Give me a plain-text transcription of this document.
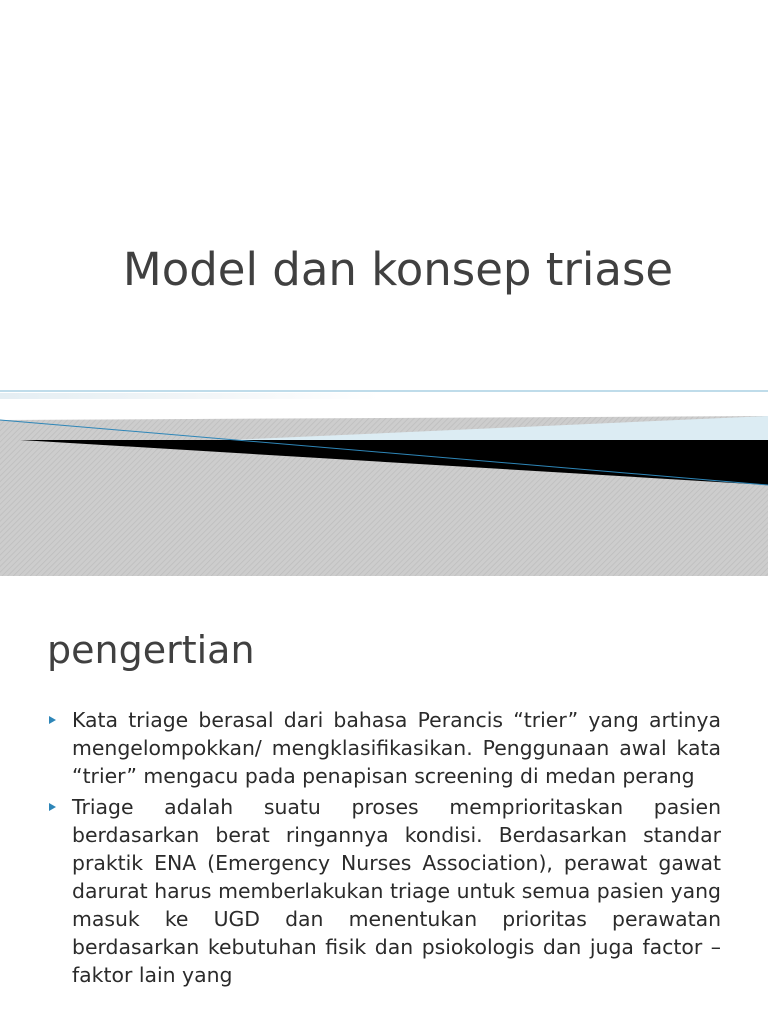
Model dan konsep triase
pengertian
Kata triage berasal dari bahasa Perancis “trier” yang artinya mengelompokkan/ mengklasifikasikan. Penggunaan awal kata “trier” mengacu pada penapisan screening di medan perang
Triage adalah suatu proses memprioritaskan pasien berdasarkan berat ringannya kondisi. Berdasarkan standar praktik ENA (Emergency Nurses Association), perawat gawat darurat harus memberlakukan triage untuk semua pasien yang masuk ke UGD dan menentukan prioritas perawatan berdasarkan kebutuhan fisik dan psiokologis dan juga factor – faktor lain yang
